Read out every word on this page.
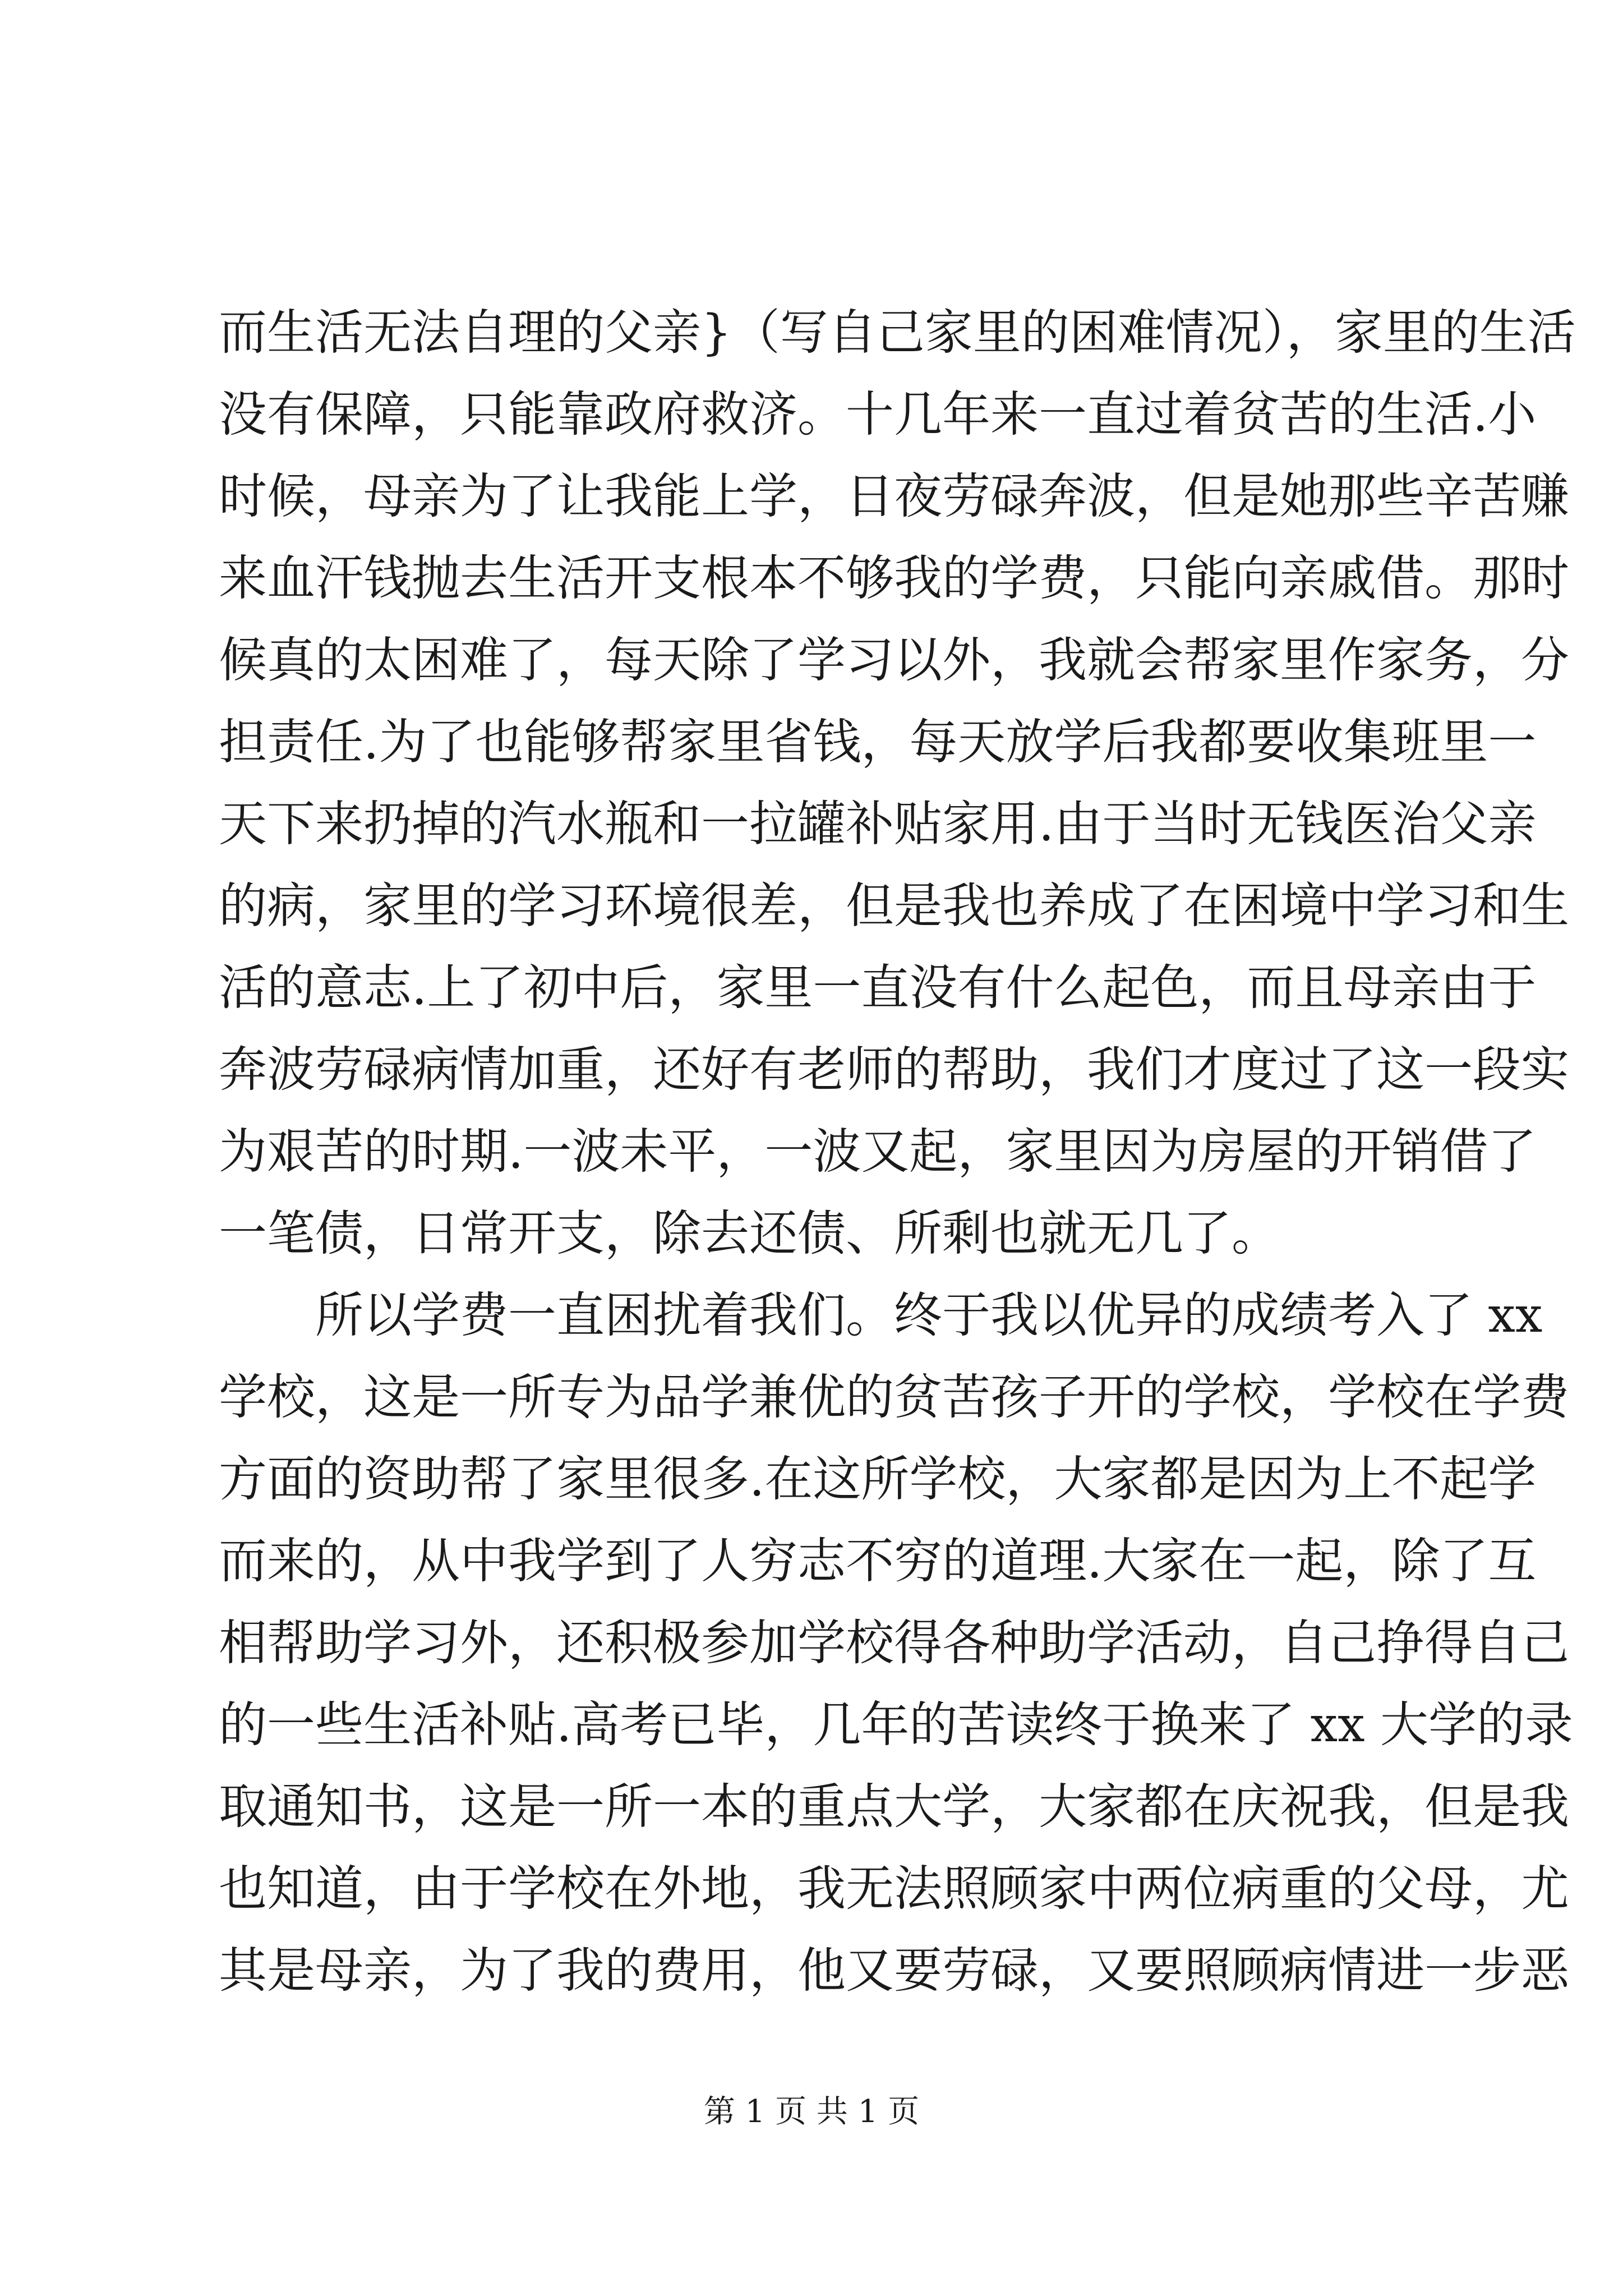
而生活无法自理的父亲}（写自己家里的困难情况），家里的生活
没有保障，只能靠政府救济。十几年来一直过着贫苦的生活.小
时候，母亲为了让我能上学，日夜劳碌奔波，但是她那些辛苦赚
来血汗钱抛去生活开支根本不够我的学费，只能向亲戚借。那时
候真的太困难了，每天除了学习以外，我就会帮家里作家务，分
担责任.为了也能够帮家里省钱，每天放学后我都要收集班里一
天下来扔掉的汽水瓶和一拉罐补贴家用.由于当时无钱医治父亲
的病，家里的学习环境很差，但是我也养成了在困境中学习和生
活的意志.上了初中后，家里一直没有什么起色，而且母亲由于
奔波劳碌病情加重，还好有老师的帮助，我们才度过了这一段实
为艰苦的时期.一波未平，一波又起，家里因为房屋的开销借了
一笔债，日常开支，除去还债、所剩也就无几了。
所以学费一直困扰着我们。终于我以优异的成绩考入了 xx
学校，这是一所专为品学兼优的贫苦孩子开的学校，学校在学费
方面的资助帮了家里很多.在这所学校，大家都是因为上不起学
而来的，从中我学到了人穷志不穷的道理.大家在一起，除了互
相帮助学习外，还积极参加学校得各种助学活动，自己挣得自己
的一些生活补贴.高考已毕，几年的苦读终于换来了 xx 大学的录
取通知书，这是一所一本的重点大学，大家都在庆祝我，但是我
也知道，由于学校在外地，我无法照顾家中两位病重的父母，尤
其是母亲，为了我的费用，他又要劳碌，又要照顾病情进一步恶
第 1 页 共 1 页
